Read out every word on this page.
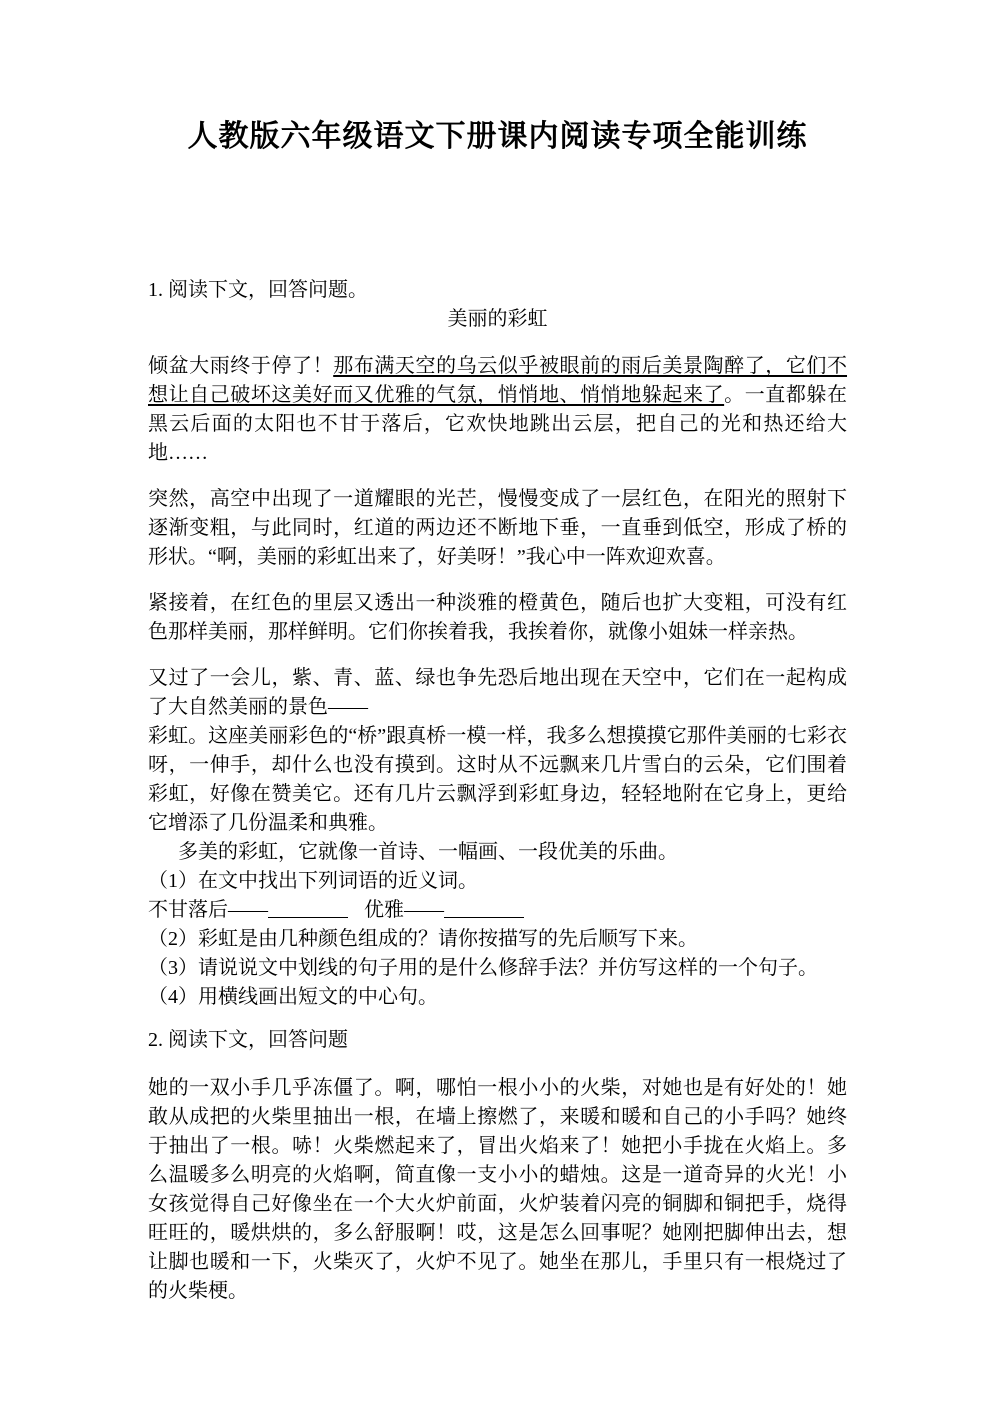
人教版六年级语文下册课内阅读专项全能训练

1. 阅读下文，回答问题。

美丽的彩虹

倾盆大雨终于停了！那布满天空的乌云似乎被眼前的雨后美景陶醉了，它们不想让自己破坏这美好而又优雅的气氛，悄悄地、悄悄地躲起来了。一直都躲在黑云后面的太阳也不甘于落后，它欢快地跳出云层，把自己的光和热还给大地……

突然，高空中出现了一道耀眼的光芒，慢慢变成了一层红色，在阳光的照射下逐渐变粗，与此同时，红道的两边还不断地下垂，一直垂到低空，形成了桥的形状。“啊，美丽的彩虹出来了，好美呀！”我心中一阵欢迎欢喜。

紧接着，在红色的里层又透出一种淡雅的橙黄色，随后也扩大变粗，可没有红色那样美丽，那样鲜明。它们你挨着我，我挨着你，就像小姐妹一样亲热。

又过了一会儿，紫、青、蓝、绿也争先恐后地出现在天空中，它们在一起构成了大自然美丽的景色——

彩虹。这座美丽彩色的“桥”跟真桥一模一样，我多么想摸摸它那件美丽的七彩衣呀，一伸手，却什么也没有摸到。这时从不远飘来几片雪白的云朵，它们围着彩虹，好像在赞美它。还有几片云飘浮到彩虹身边，轻轻地附在它身上，更给它增添了几份温柔和典雅。

多美的彩虹，它就像一首诗、一幅画、一段优美的乐曲。

（1）在文中找出下列词语的近义词。

不甘落后——	优雅——

（2）彩虹是由几种颜色组成的？请你按描写的先后顺写下来。

（3）请说说文中划线的句子用的是什么修辞手法？并仿写这样的一个句子。

（4）用横线画出短文的中心句。

2. 阅读下文，回答问题

她的一双小手几乎冻僵了。啊，哪怕一根小小的火柴，对她也是有好处的！她敢从成把的火柴里抽出一根，在墙上擦燃了，来暖和暖和自己的小手吗？她终于抽出了一根。哧！火柴燃起来了，冒出火焰来了！她把小手拢在火焰上。多么温暖多么明亮的火焰啊，简直像一支小小的蜡烛。这是一道奇异的火光！小女孩觉得自己好像坐在一个大火炉前面，火炉装着闪亮的铜脚和铜把手，烧得旺旺的，暖烘烘的，多么舒服啊！哎，这是怎么回事呢？她刚把脚伸出去，想让脚也暖和一下，火柴灭了，火炉不见了。她坐在那儿，手里只有一根烧过了的火柴梗。
